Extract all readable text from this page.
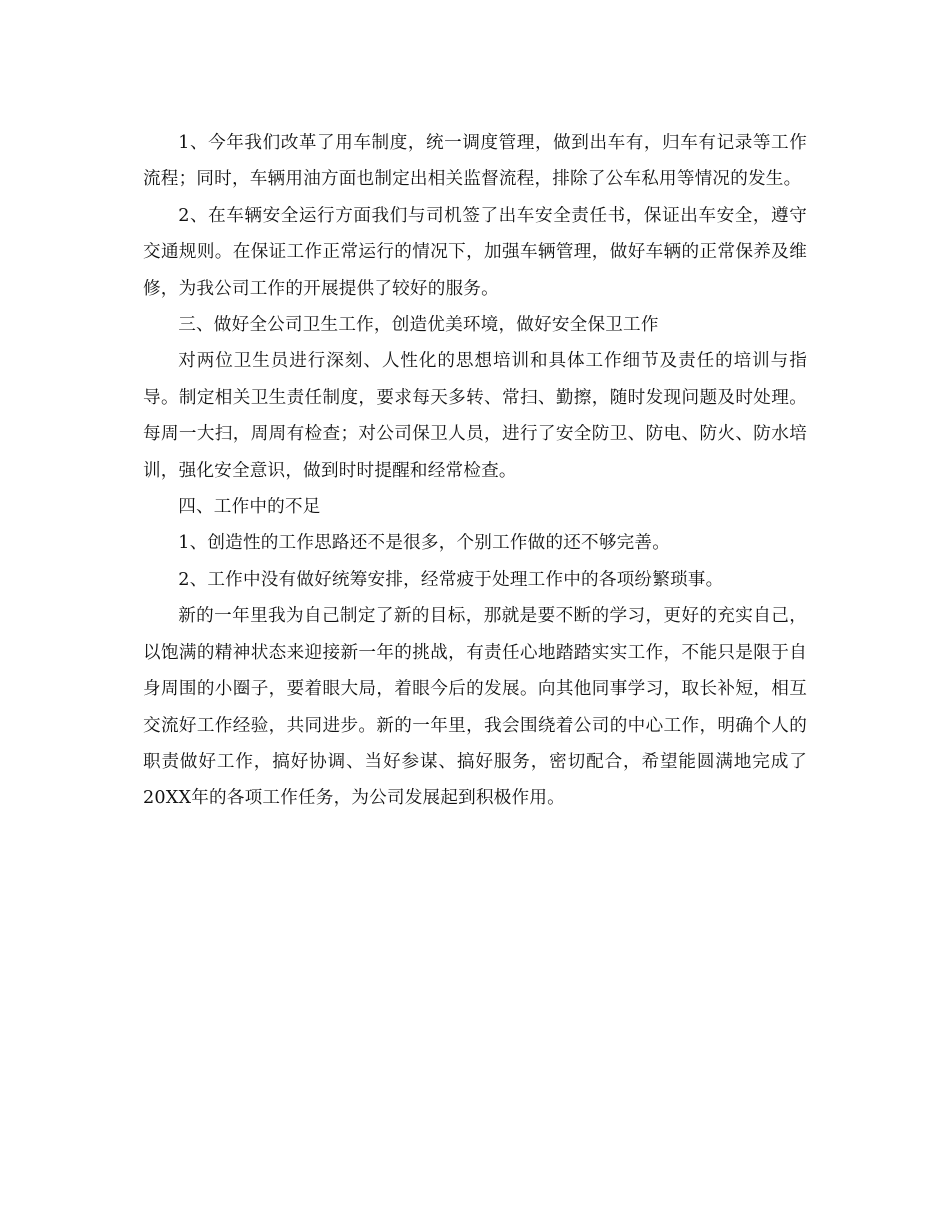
1、今年我们改革了用车制度，统一调度管理，做到出车有，归车有记录等工作流程；同时，车辆用油方面也制定出相关监督流程，排除了公车私用等情况的发生。

2、在车辆安全运行方面我们与司机签了出车安全责任书，保证出车安全，遵守交通规则。在保证工作正常运行的情况下，加强车辆管理，做好车辆的正常保养及维修，为我公司工作的开展提供了较好的服务。

三、做好全公司卫生工作，创造优美环境，做好安全保卫工作

对两位卫生员进行深刻、人性化的思想培训和具体工作细节及责任的培训与指导。制定相关卫生责任制度，要求每天多转、常扫、勤擦，随时发现问题及时处理。每周一大扫，周周有检查；对公司保卫人员，进行了安全防卫、防电、防火、防水培训，强化安全意识，做到时时提醒和经常检查。

四、工作中的不足

1、创造性的工作思路还不是很多，个别工作做的还不够完善。

2、工作中没有做好统筹安排，经常疲于处理工作中的各项纷繁琐事。

新的一年里我为自己制定了新的目标，那就是要不断的学习，更好的充实自己，以饱满的精神状态来迎接新一年的挑战，有责任心地踏踏实实工作，不能只是限于自身周围的小圈子，要着眼大局，着眼今后的发展。向其他同事学习，取长补短，相互交流好工作经验，共同进步。新的一年里，我会围绕着公司的中心工作，明确个人的职责做好工作，搞好协调、当好参谋、搞好服务，密切配合，希望能圆满地完成了20XX年的各项工作任务，为公司发展起到积极作用。
